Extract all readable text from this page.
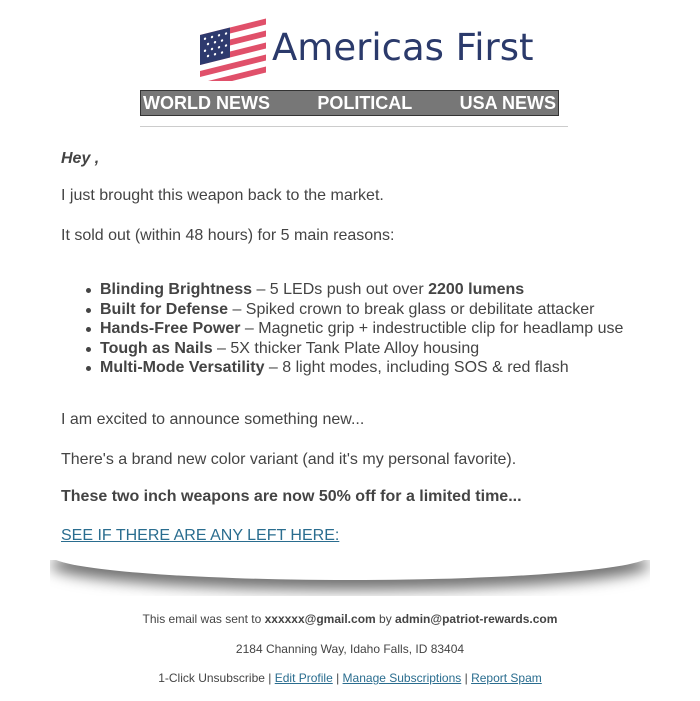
Americas First
WORLD NEWS	POLITICAL	USA NEWS
Hey ,
I just brought this weapon back to the market.
It sold out (within 48 hours) for 5 main reasons:
Blinding Brightness – 5 LEDs push out over 2200 lumens
Built for Defense – Spiked crown to break glass or debilitate attacker
Hands-Free Power – Magnetic grip + indestructible clip for headlamp use
Tough as Nails – 5X thicker Tank Plate Alloy housing
Multi-Mode Versatility – 8 light modes, including SOS & red flash
I am excited to announce something new...
There's a brand new color variant (and it's my personal favorite).
These two inch weapons are now 50% off for a limited time...
SEE IF THERE ARE ANY LEFT HERE:
This email was sent to xxxxxx@gmail.com by admin@patriot-rewards.com
2184 Channing Way, Idaho Falls, ID 83404
1-Click Unsubscribe | Edit Profile | Manage Subscriptions | Report Spam
